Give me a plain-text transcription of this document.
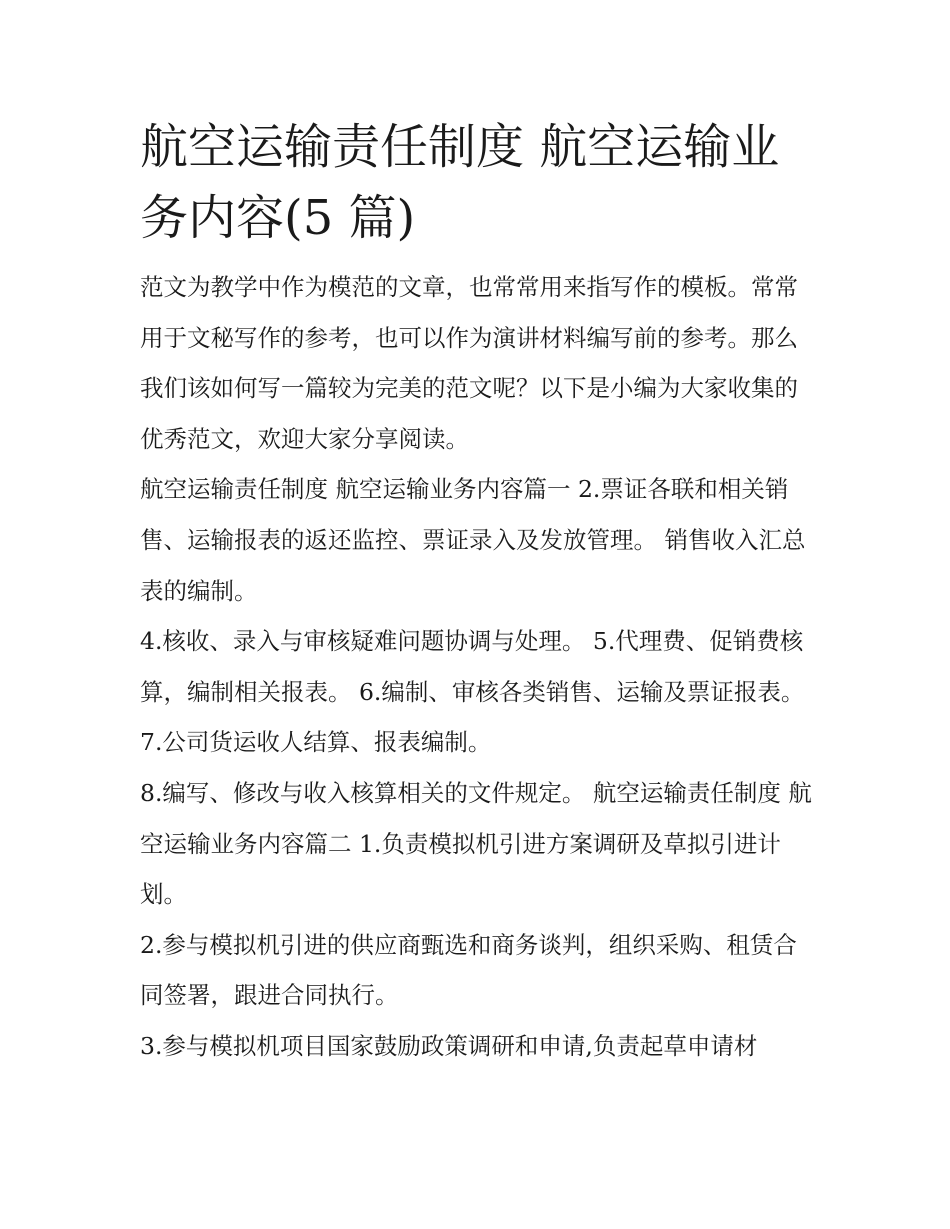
航空运输责任制度 航空运输业务内容(5 篇)

范文为教学中作为模范的文章，也常常用来指写作的模板。常常用于文秘写作的参考，也可以作为演讲材料编写前的参考。那么我们该如何写一篇较为完美的范文呢？以下是小编为大家收集的优秀范文，欢迎大家分享阅读。

航空运输责任制度 航空运输业务内容篇一 2.票证各联和相关销售、运输报表的返还监控、票证录入及发放管理。 销售收入汇总表的编制。

4.核收、录入与审核疑难问题协调与处理。 5.代理费、促销费核算，编制相关报表。 6.编制、审核各类销售、运输及票证报表。 7.公司货运收人结算、报表编制。

8.编写、修改与收入核算相关的文件规定。 航空运输责任制度 航空运输业务内容篇二 1.负责模拟机引进方案调研及草拟引进计划。

2.参与模拟机引进的供应商甄选和商务谈判，组织采购、租赁合同签署，跟进合同执行。

3.参与模拟机项目国家鼓励政策调研和申请,负责起草申请材
